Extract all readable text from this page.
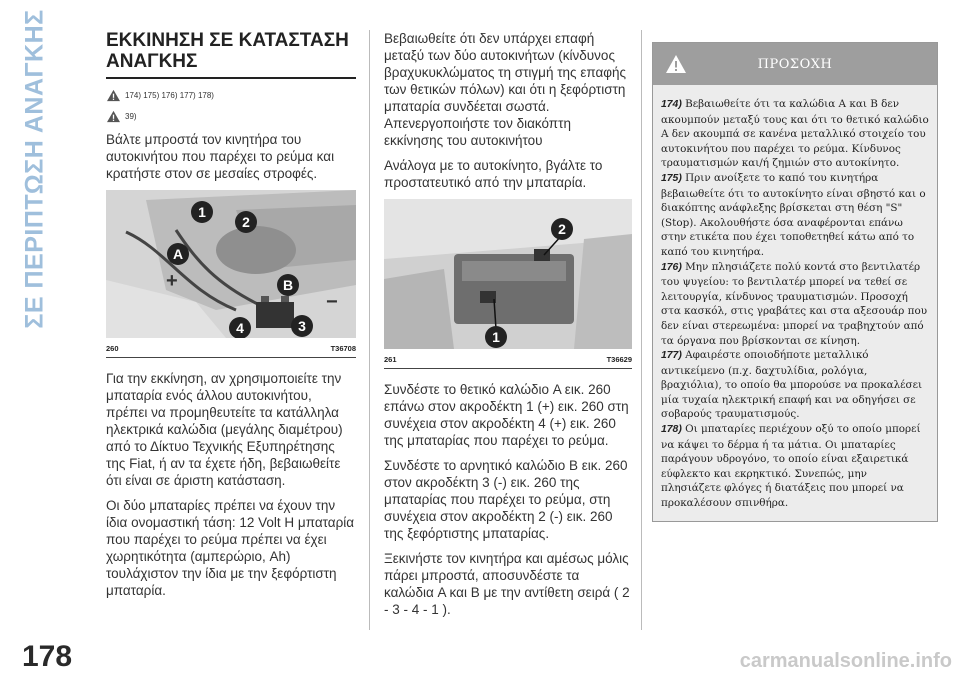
ΣΕ ΠΕΡΙΠΤΩΣΗ ΑΝΑΓΚΗΣ	ΕΚΚΙΝΗΣΗ ΣΕ ΚΑΤΑΣΤΑΣΗ ΑΝΑΓΚΗΣ
174) 175) 176) 177) 178)
39)

Βάλτε μπροστά τον κινητήρα του αυτοκινήτου που παρέχει το ρεύμα και κρατήστε στον σε μεσαίες στροφές.

+
−
1
2
A
B
4	3
260	T36708

Για την εκκίνηση, αν χρησιμοποιείτε την μπαταρία ενός άλλου αυτοκινήτου, πρέπει να προμηθευτείτε τα κατάλληλα ηλεκτρικά καλώδια (μεγάλης διαμέτρου) από το Δίκτυο Τεχνικής Εξυπηρέτησης της Fiat, ή αν τα έχετε ήδη, βεβαιωθείτε ότι είναι σε άριστη κατάσταση.

Οι δύο μπαταρίες πρέπει να έχουν την ίδια ονομαστική τάση: 12 Volt Η μπαταρία που παρέχει το ρεύμα πρέπει να έχει χωρητικότητα (αμπερώριο, Ah) τουλάχιστον την ίδια με την ξεφόρτιστη μπαταρία.

Βεβαιωθείτε ότι δεν υπάρχει επαφή μεταξύ των δύο αυτοκινήτων (κίνδυνος βραχυκυκλώματος τη στιγμή της επαφής των θετικών πόλων) και ότι η ξεφόρτιστη μπαταρία συνδέεται σωστά. Απενεργοποιήστε τον διακόπτη εκκίνησης του αυτοκινήτου

Ανάλογα με το αυτοκίνητο, βγάλτε το προστατευτικό από την μπαταρία.

2
1
261	T36629

Συνδέστε το θετικό καλώδιο A εικ. 260 επάνω στον ακροδέκτη 1 (+) εικ. 260 στη συνέχεια στον ακροδέκτη 4 (+) εικ. 260 της μπαταρίας που παρέχει το ρεύμα.

Συνδέστε το αρνητικό καλώδιο B εικ. 260 στον ακροδέκτη 3 (-) εικ. 260 της μπαταρίας που παρέχει το ρεύμα, στη συνέχεια στον ακροδέκτη 2 (-) εικ. 260 της ξεφόρτιστης μπαταρίας.

Ξεκινήστε τον κινητήρα και αμέσως μόλις πάρει μπροστά, αποσυνδέστε τα καλώδια A και B με την αντίθετη σειρά ( 2 - 3 - 4 - 1 ).

ΠΡΟΣΟΧΗ

174) Βεβαιωθείτε ότι τα καλώδια A και B δεν ακουμπούν μεταξύ τους και ότι το θετικό καλώδιο A δεν ακουμπά σε κανένα μεταλλικό στοιχείο του αυτοκινήτου που παρέχει το ρεύμα. Κίνδυνος τραυματισμών και/ή ζημιών στο αυτοκίνητο.

175) Πριν ανοίξετε το καπό του κινητήρα βεβαιωθείτε ότι το αυτοκίνητο είναι σβηστό και ο διακόπτης ανάφλεξης βρίσκεται στη θέση "S" (Stop). Ακολουθήστε όσα αναφέρονται επάνω στην ετικέτα που έχει τοποθετηθεί κάτω από το καπό του κινητήρα.

176) Μην πλησιάζετε πολύ κοντά στο βεντιλατέρ του ψυγείου: το βεντιλατέρ μπορεί να τεθεί σε λειτουργία, κίνδυνος τραυματισμών. Προσοχή στα κασκόλ, στις γραβάτες και στα αξεσουάρ που δεν είναι στερεωμένα: μπορεί να τραβηχτούν από τα όργανα που βρίσκονται σε κίνηση.

177) Αφαιρέστε οποιοδήποτε μεταλλικό αντικείμενο (π.χ. δαχτυλίδια, ρολόγια, βραχιόλια), το οποίο θα μπορούσε να προκαλέσει μία τυχαία ηλεκτρική επαφή και να οδηγήσει σε σοβαρούς τραυματισμούς.

178) Οι μπαταρίες περιέχουν οξύ το οποίο μπορεί να κάψει το δέρμα ή τα μάτια. Οι μπαταρίες παράγουν υδρογόνο, το οποίο είναι εξαιρετικά εύφλεκτο και εκρηκτικό. Συνεπώς, μην πλησιάζετε φλόγες ή διατάξεις που μπορεί να προκαλέσουν σπινθήρα.

178	carmanualsonline.info
